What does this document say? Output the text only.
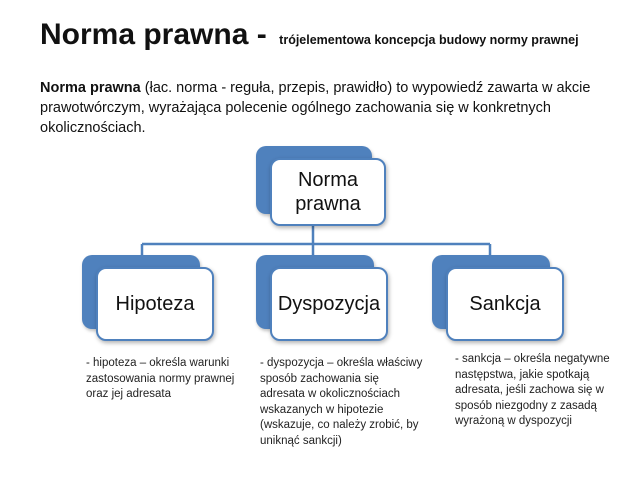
Norma prawna - trójelementowa koncepcja budowy normy prawnej
Norma prawna (łac. norma - reguła, przepis, prawidło) to wypowiedź zawarta w akcie prawotwórczym, wyrażająca polecenie ogólnego zachowania się w konkretnych okolicznościach.
Norma prawna
Hipoteza	Dyspozycja	Sankcja
- hipoteza – określa warunki zastosowania normy prawnej oraz jej adresata
- dyspozycja – określa właściwy sposób zachowania się adresata w okolicznościach wskazanych w hipotezie (wskazuje, co należy zrobić, by uniknąć sankcji)
- sankcja – określa negatywne następstwa, jakie spotkają adresata, jeśli zachowa się w sposób niezgodny z zasadą wyrażoną w dyspozycji
